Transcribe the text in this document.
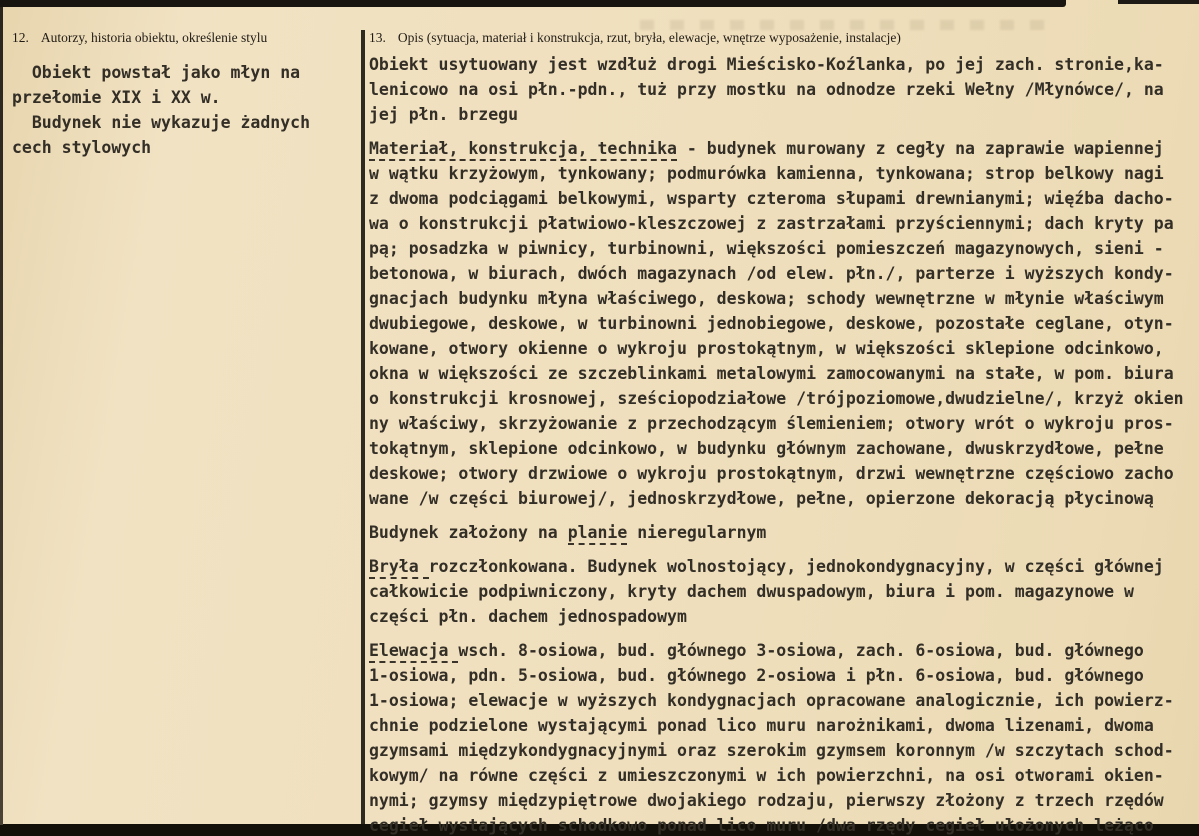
12. Autorzy, historia obiektu, określenie stylu
Obiekt powstał jako młyn na
przełomie XIX i XX w.
Budynek nie wykazuje żadnych
cech stylowych
13. Opis (sytuacja, materiał i konstrukcja, rzut, bryła, elewacje, wnętrze wyposażenie, instalacje)
Obiekt usytuowany jest wzdłuż drogi Mieścisko-Koźlanka, po jej zach. stronie,ka-
lenicowo na osi płn.-pdn., tuż przy mostku na odnodze rzeki Wełny /Młynówce/, na
jej płn. brzegu
Materiał, konstrukcja, technika - budynek murowany z cegły na zaprawie wapiennej
w wątku krzyżowym, tynkowany; podmurówka kamienna, tynkowana; strop belkowy nagi
z dwoma podciągami belkowymi, wsparty czteroma słupami drewnianymi; więźba dacho-
wa o konstrukcji płatwiowo-kleszczowej z zastrzałami przyściennymi; dach kryty pa
pą; posadzka w piwnicy, turbinowni, większości pomieszczeń magazynowych, sieni -
betonowa, w biurach, dwóch magazynach /od elew. płn./, parterze i wyższych kondy-
gnacjach budynku młyna właściwego, deskowa; schody wewnętrzne w młynie właściwym
dwubiegowe, deskowe, w turbinowni jednobiegowe, deskowe, pozostałe ceglane, otyn-
kowane, otwory okienne o wykroju prostokątnym, w większości sklepione odcinkowo,
okna w większości ze szczeblinkami metalowymi zamocowanymi na stałe, w pom. biura
o konstrukcji krosnowej, sześciopodziałowe /trójpoziomowe,dwudzielne/, krzyż okien
ny właściwy, skrzyżowanie z przechodzącym ślemieniem; otwory wrót o wykroju pros-
tokątnym, sklepione odcinkowo, w budynku głównym zachowane, dwuskrzydłowe, pełne
deskowe; otwory drzwiowe o wykroju prostokątnym, drzwi wewnętrzne częściowo zacho
wane /w części biurowej/, jednoskrzydłowe, pełne, opierzone dekoracją płycinową
Budynek założony na planie nieregularnym
Bryła rozczłonkowana. Budynek wolnostojący, jednokondygnacyjny, w części głównej
całkowicie podpiwniczony, kryty dachem dwuspadowym, biura i pom. magazynowe w
części płn. dachem jednospadowym
Elewacja wsch. 8-osiowa, bud. głównego 3-osiowa, zach. 6-osiowa, bud. głównego
1-osiowa, pdn. 5-osiowa, bud. głównego 2-osiowa i płn. 6-osiowa, bud. głównego
1-osiowa; elewacje w wyższych kondygnacjach opracowane analogicznie, ich powierz-
chnie podzielone wystającymi ponad lico muru narożnikami, dwoma lizenami, dwoma
gzymsami międzykondygnacyjnymi oraz szerokim gzymsem koronnym /w szczytach schod-
kowym/ na równe części z umieszczonymi w ich powierzchni, na osi otworami okien-
nymi; gzymsy międzypiętrowe dwojakiego rodzaju, pierwszy złożony z trzech rzędów
cegieł wystających schodkowo ponad lico muru /dwa rzędy cegieł ułożonych leżąco
